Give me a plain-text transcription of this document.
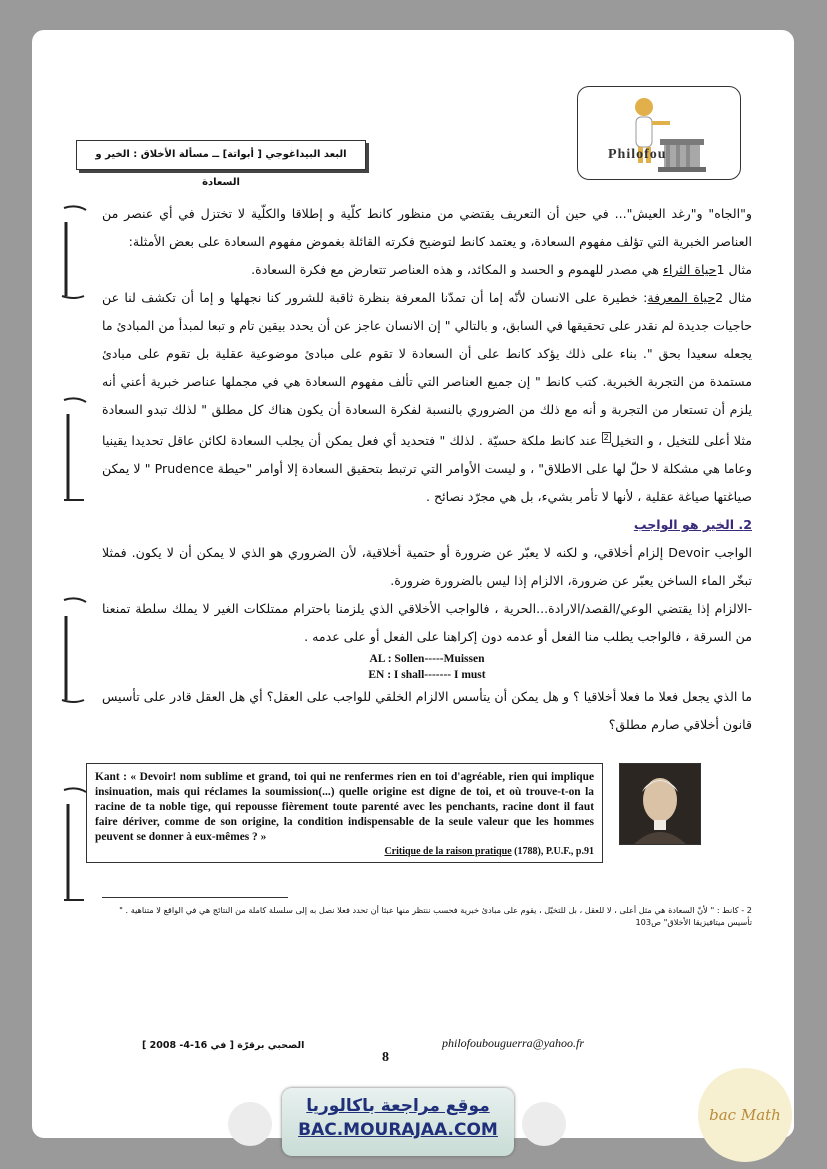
Philofou
البعد البيداغوجي [ أبواتة] ــ مسألة الأخلاق : الخير و السعادة

و"الجاه" و"رغد العيش"... في حين أن التعريف يقتضي من منظور كانط كلّية و إطلاقا والكلّية لا تختزل في أي عنصر من العناصر الخبرية التي تؤلف مفهوم السعادة، و يعتمد كانط لتوضيح فكرته القائلة بغموض مفهوم السعادة على بعض الأمثلة:

مثال 1حياة الثراء هي مصدر للهموم و الحسد و المكائد، و هذه العناصر تتعارض مع فكرة السعادة.

مثال 2حياة المعرفة: خطيرة على الانسان لأنّه إما أن تمدّنا المعرفة بنظرة ثاقبة للشرور كنا نجهلها و إما أن تكشف لنا عن حاجيات جديدة لم نقدر على تحقيقها في السابق، و بالتالي " إن الانسان عاجز عن أن يحدد بيقين تام و تبعا لمبدأ من المبادئ ما يجعله سعيدا بحق ". بناء على ذلك يؤكد كانط على أن السعادة لا تقوم على مبادئ موضوعية عقلية بل تقوم على مبادئ مستمدة من التجربة الخبرية. كتب كانط " إن جميع العناصر التي تألف مفهوم السعادة هي في مجملها عناصر خبرية أعني أنه يلزم أن تستعار من التجربة و أنه مع ذلك من الضروري بالنسبة لفكرة السعادة أن يكون هناك كل مطلق " لذلك تبدو السعادة مثلا أعلى للتخيل ، و التخيل$^2$ عند كانط ملكة حسيّة . لذلك " فتحديد أي فعل يمكن أن يجلب السعادة لكائن عاقل تحديدا يقينيا وعاما هي مشكلة لا حلّ لها على الاطلاق" ، و ليست الأوامر التي ترتبط بتحقيق السعادة إلا أوامر "حيطة Prudence " لا يمكن صياغتها صياغة عقلية ، لأنها لا تأمر بشيء، بل هي مجرّد نصائح .

2. الخير هو الواجب

الواجب Devoir إلزام أخلاقي، و لكنه لا يعبّر عن ضرورة أو حتمية أخلاقية، لأن الضروري هو الذي لا يمكن أن لا يكون. فمثلا تبخّر الماء الساخن يعبّر عن ضرورة، الالزام إذا ليس بالضرورة ضرورة.

-الالزام إذا يقتضي الوعي/القصد/الارادة...الحرية ، فالواجب الأخلاقي الذي يلزمنا باحترام ممتلكات الغير لا يملك سلطة تمنعنا من السرقة ، فالواجب يطلب منا الفعل أو عدمه دون إكراهنا على الفعل أو على عدمه .

AL : Sollen-----Muissen

EN : I shall------- I must

ما الذي يجعل فعلا ما فعلا أخلاقيا ؟ و هل يمكن أن يتأسس الالزام الخلقي للواجب على العقل؟ أي هل العقل قادر على تأسيس قانون أخلاقي صارم مطلق؟

Kant : « Devoir! nom sublime et grand, toi qui ne renfermes rien en toi d'agréable, rien qui implique insinuation, mais qui réclames la soumission(...) quelle origine est digne de toi, et où trouve-t-on la racine de ta noble tige, qui repousse fièrement toute parenté avec les penchants, racine dont il faut faire dériver, comme de son origine, la condition indispensable de la seule valeur que les hommes peuvent se donner à eux-mêmes ? »
Critique de la raison pratique (1788), P.U.F., p.91
2 - كانط : " لأنّ السعادة هي مثل أعلى ، لا للعقل ، بل للتخيّل ، يقوم على مبادئ خبرية فحسب ننتظر منها عبثا أن تحدد فعلا نصل به إلى سلسلة كاملة من النتائج هي في الواقع لا متناهية . " تأسيس ميتافيزيقا الأخلاق" ص103
الصحبي برقرّة [ في 16-4- 2008 ]
8
philofoubouguerra@yahoo.fr
موقع مراجعة باكالوريا
BAC.MOURAJAA.COM
bac Math
